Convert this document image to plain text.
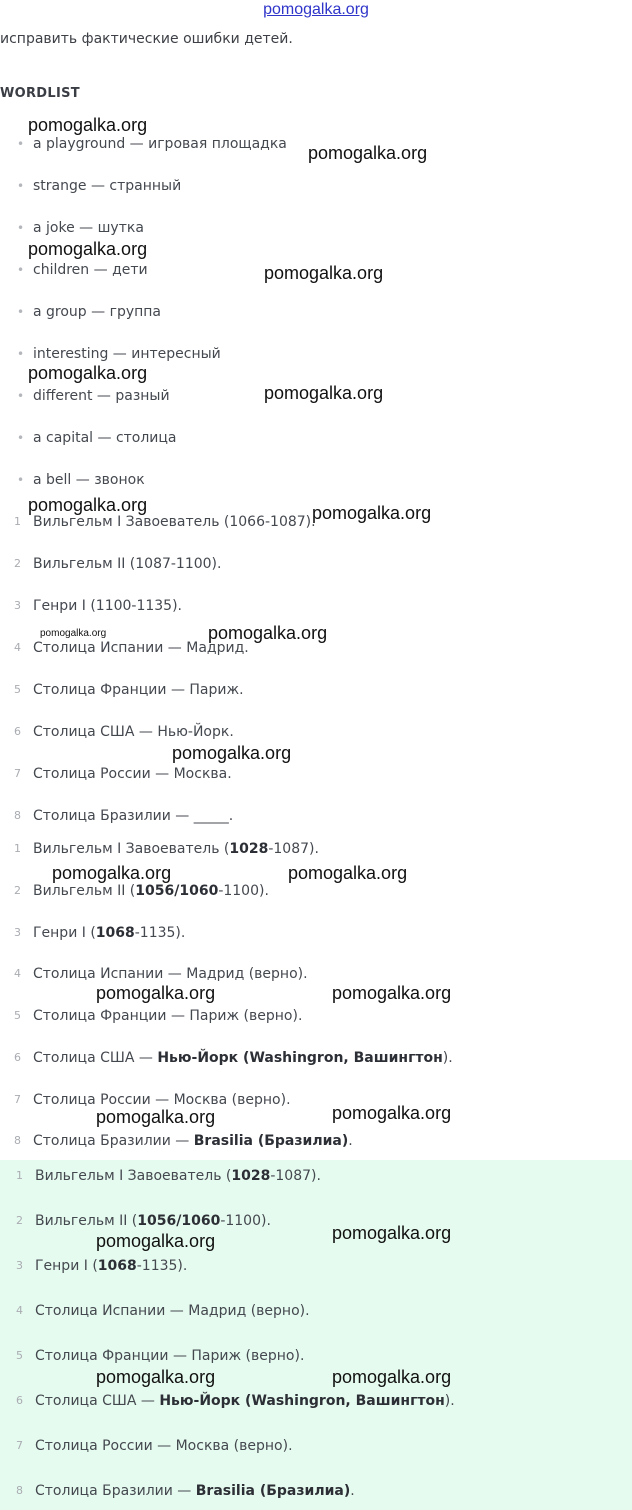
pomogalka.org
исправить фактические ошибки детей.
WORDLIST
• a playground — игровая площадка
• strange — странный
• a joke — шутка
• children — дети
• a group — группа
• interesting — интересный
• different — разный
• a capital — столица
• a bell — звонок
1 Вильгельм I Завоеватель (1066-1087).
2 Вильгельм II (1087-1100).
3 Генри I (1100-1135).
4 Столица Испании — Мадрид.
5 Столица Франции — Париж.
6 Столица США — Нью-Йорк.
7 Столица России — Москва.
8 Столица Бразилии — _____.
1 Вильгельм I Завоеватель (1028-1087).
2 Вильгельм II (1056/1060-1100).
3 Генри I (1068-1135).
4 Столица Испании — Мадрид (верно).
5 Столица Франции — Париж (верно).
6 Столица США — Нью-Йорк (Washingron, Вашингтон).
7 Столица России — Москва (верно).
8 Столица Бразилии — Brasilia (Бразилиа).
1 Вильгельм I Завоеватель (1028-1087).
2 Вильгельм II (1056/1060-1100).
3 Генри I (1068-1135).
4 Столица Испании — Мадрид (верно).
5 Столица Франции — Париж (верно).
6 Столица США — Нью-Йорк (Washingron, Вашингтон).
7 Столица России — Москва (верно).
8 Столица Бразилии — Brasilia (Бразилиа).
pomogalka.org
pomogalka.org
pomogalka.org
pomogalka.org
pomogalka.org
pomogalka.org
pomogalka.org	pomogalka.org
pomogalka.org	pomogalka.org
pomogalka.org
pomogalka.org	pomogalka.org
pomogalka.org	pomogalka.org
pomogalka.org	pomogalka.org
pomogalka.org	pomogalka.org
pomogalka.org	pomogalka.org
